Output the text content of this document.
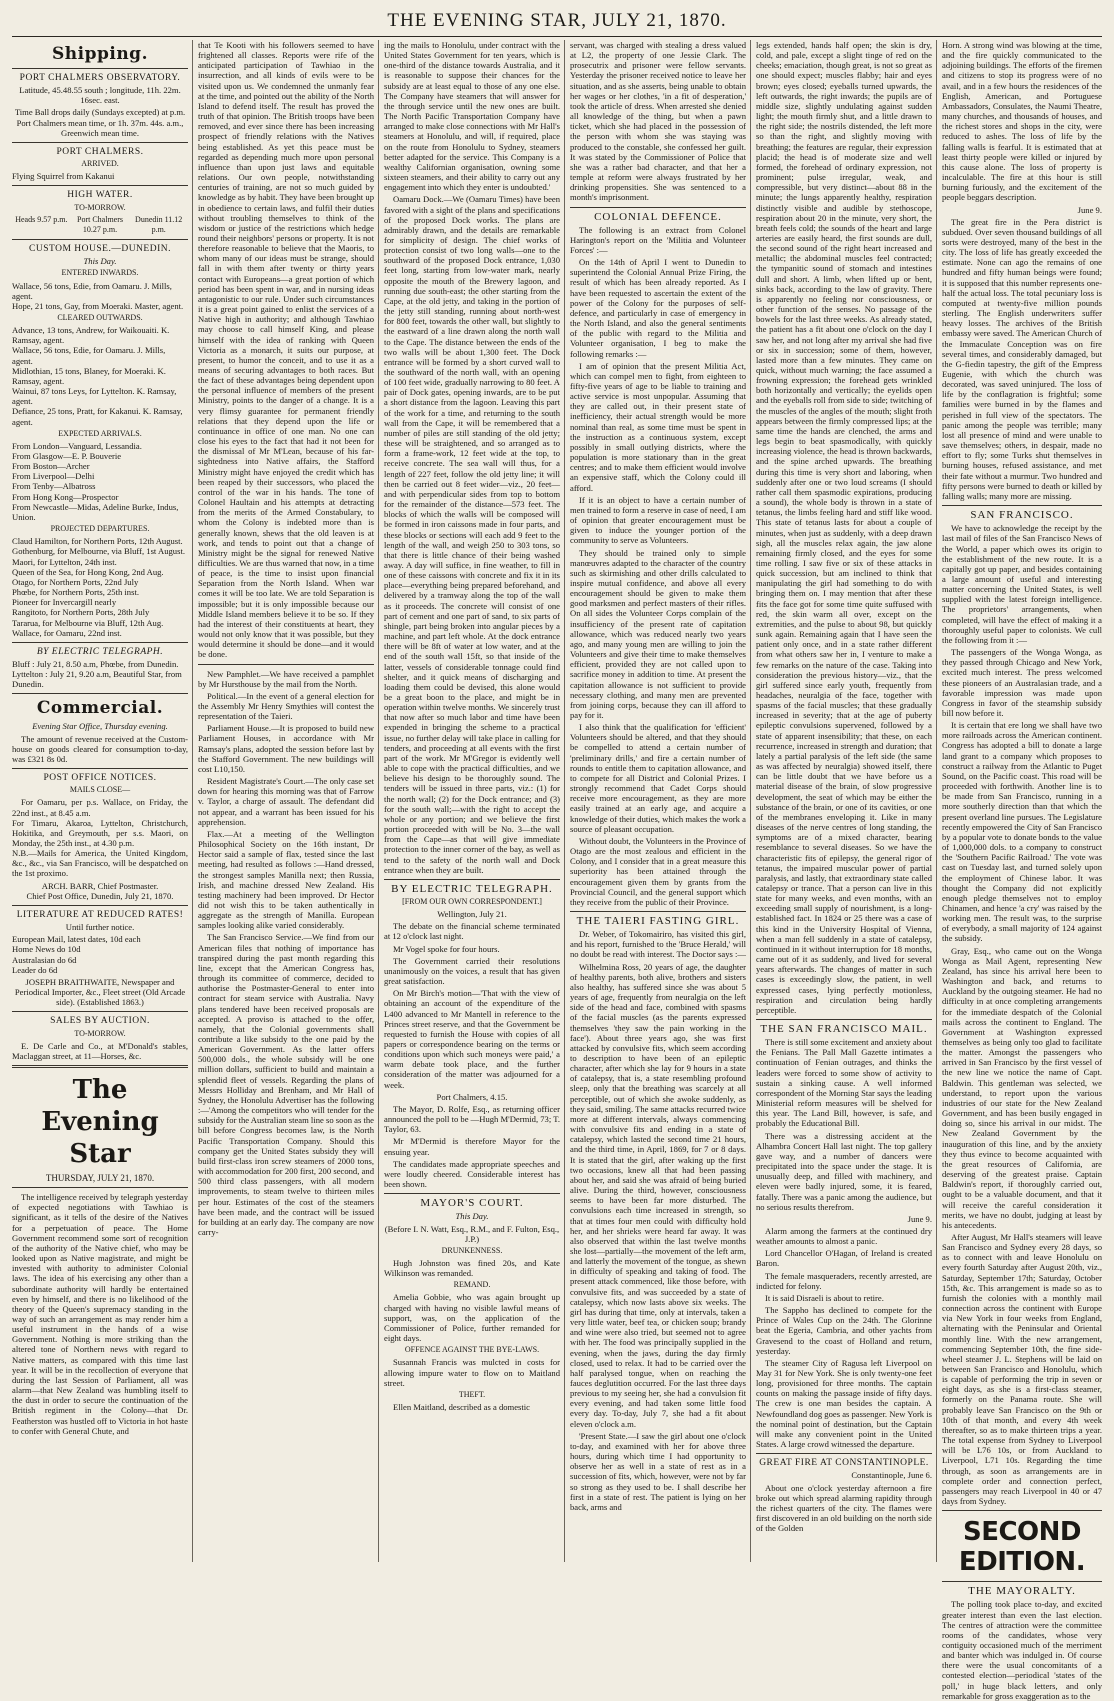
THE EVENING STAR, JULY 21, 1870.
Shipping.
PORT CHALMERS OBSERVATORY.

Latitude, 45.48.55 south ; longitude, 11h. 22m. 16sec. east.

Time Ball drops daily (Sundays excepted) at p.m. Port Chalmers mean time, or 1h. 37m. 44s. a.m., Greenwich mean time.

PORT CHALMERS.

ARRIVED.

Flying Squirrel from Kakanui

HIGH WATER.

TO-MORROW.

Heads 9.57 p.m.	Port Chalmers 10.27 p.m.
Dunedin 11.12 p.m.
CUSTOM HOUSE.—DUNEDIN.

This Day.

ENTERED INWARDS.

Wallace, 56 tons, Edie, from Oamaru. J. Mills, agent.
Hope, 21 tons, Gay, from Moeraki. Master, agent.

CLEARED OUTWARDS.

Advance, 13 tons, Andrew, for Waikouaiti. K. Ramsay, agent.
Wallace, 56 tons, Edie, for Oamaru. J. Mills, agent.
Midlothian, 15 tons, Blaney, for Moeraki. K. Ramsay, agent.
Wainui, 87 tons Leys, for Lyttelton. K. Ramsay, agent.
Defiance, 25 tons, Pratt, for Kakanui. K. Ramsay, agent.

EXPECTED ARRIVALS.

From London—Vanguard, Lessandia.
From Glasgow—E. P. Bouverie
From Boston—Archer
From Liverpool—Delhi
From Tenby—Albatross
From Hong Kong—Prospector
From Newcastle—Midas, Adeline Burke, Indus, Union.

PROJECTED DEPARTURES.

Claud Hamilton, for Northern Ports, 12th August.
Gothenburg, for Melbourne, via Bluff, 1st August.
Maori, for Lyttelton, 24th inst.
Queen of the Sea, for Hong Kong, 2nd Aug.
Otago, for Northern Ports, 22nd July
Phœbe, for Northern Ports, 25th inst.
Pioneer for Invercargill nearly
Rangitoto, for Northern Ports, 28th July
Tararua, for Melbourne via Bluff, 12th Aug.
Wallace, for Oamaru, 22nd inst.

BY ELECTRIC TELEGRAPH.

Bluff : July 21, 8.50 a.m, Phœbe, from Dunedin.
Lyttelton : July 21, 9.20 a.m, Beautiful Star, from Dunedin.

Commercial.

Evening Star Office, Thursday evening.

The amount of revenue received at the Custom-house on goods cleared for consumption to-day, was £321 8s 0d.

POST OFFICE NOTICES.

MAILS CLOSE—

For Oamaru, per p.s. Wallace, on Friday, the 22nd inst., at 8.45 a.m.
For Timaru, Akaroa, Lyttelton, Christchurch, Hokitika, and Greymouth, per s.s. Maori, on Monday, the 25th inst., at 4.30 p.m.
N.B.—Mails for America, the United Kingdom, &c., &c., via San Francisco, will be despatched on the 1st proximo.

ARCH. BARR, Chief Postmaster.
Chief Post Office, Dunedin, July 21, 1870.

LITERATURE AT REDUCED RATES!

Until further notice.

European Mail, latest dates, 10d each
Home News do 10d
Australasian do 6d
Leader do 6d

JOSEPH BRAITHWAITE, Newspaper and Periodical Importer, &c., Fleet street (Old Arcade side). (Established 1863.)

SALES BY AUCTION.

TO-MORROW.

E. De Carle and Co., at M'Donald's stables, Maclaggan street, at 11—Horses, &c.

The Evening Star
THURSDAY, JULY 21, 1870.

The intelligence received by telegraph yesterday of expected negotiations with Tawhiao is significant, as it tells of the desire of the Natives for a perpetuation of peace. The Home Government recommend some sort of recognition of the authority of the Native chief, who may be looked upon as Native magistrate, and might be invested with authority to administer Colonial laws. The idea of his exercising any other than a subordinate authority will hardly be entertained even by himself, and there is no likelihood of the theory of the Queen's supremacy standing in the way of such an arrangement as may render him a useful instrument in the hands of a wise Government. Nothing is more striking than the altered tone of Northern news with regard to Native matters, as compared with this time last year. It will be in the recollection of everyone that during the last Session of Parliament, all was alarm—that New Zealand was humbling itself to the dust in order to secure the continuation of the British regiment in the Colony—that Dr. Featherston was hustled off to Victoria in hot haste to confer with General Chute, and

that Te Kooti with his followers seemed to have frightened all classes. Reports were rife of the anticipated participation of Tawhiao in the insurrection, and all kinds of evils were to be visited upon us. We condemned the unmanly fear at the time, and pointed out the ability of the North Island to defend itself. The result has proved the truth of that opinion. The British troops have been removed, and ever since there has been increasing prospect of friendly relations with the Natives being established. As yet this peace must be regarded as depending much more upon personal influence than upon just laws and equitable relations. Our own people, notwithstanding centuries of training, are not so much guided by knowledge as by habit. They have been brought up in obedience to certain laws, and fulfil their duties without troubling themselves to think of the wisdom or justice of the restrictions which hedge round their neighbors' persons or property. It is not therefore reasonable to believe that the Maoris, to whom many of our ideas must be strange, should fall in with them after twenty or thirty years contact with Europeans—a great portion of which period has been spent in war, and in nursing ideas antagonistic to our rule. Under such circumstances it is a great point gained to enlist the services of a Native high in authority; and although Tawhiao may choose to call himself King, and please himself with the idea of ranking with Queen Victoria as a monarch, it suits our purpose, at present, to humor the conceit, and to use it as a means of securing advantages to both races. But the fact of these advantages being dependent upon the personal influence of members of the present Ministry, points to the danger of a change. It is a very flimsy guarantee for permanent friendly relations that they depend upon the life or continuance in office of one man. No one can close his eyes to the fact that had it not been for the dismissal of Mr M'Lean, because of his far-sightedness into Native affairs, the Stafford Ministry might have enjoyed the credit which has been reaped by their successors, who placed the control of the war in his hands. The tone of Colonel Haultain and his attempts at detracting from the merits of the Armed Constabulary, to whom the Colony is indebted more than is generally known, shews that the old leaven is at work, and tends to point out that a change of Ministry might be the signal for renewed Native difficulties. We are thus warned that now, in a time of peace, is the time to insist upon financial Separation from the North Island. When war comes it will be too late. We are told Separation is impossible; but it is only impossible because our Middle Island members believe it to be so. If they had the interest of their constituents at heart, they would not only know that it was possible, but they would determine it should be done—and it would be done.

New Pamphlet.—We have received a pamphlet by Mr Hursthouse by the mail from the North.

Political.—In the event of a general election for the Assembly Mr Henry Smythies will contest the representation of the Taieri.

Parliament House.—It is proposed to build new Parliament Houses, in accordance with Mr Ramsay's plans, adopted the session before last by the Stafford Government. The new buildings will cost L10,150.

Resident Magistrate's Court.—The only case set down for hearing this morning was that of Farrow v. Taylor, a charge of assault. The defendant did not appear, and a warrant has been issued for his apprehension.

Flax.—At a meeting of the Wellington Philosophical Society on the 16th instant, Dr Hector said a sample of flax, tested since the last meeting, had resulted as follows :—Hand dressed, the strongest samples Manilla next; then Russia, Irish, and machine dressed New Zealand. His testing machinery had been improved. Dr Hector did not wish this to be taken authentically in aggregate as the strength of Manilla. European samples looking alike varied considerably.

The San Francisco Service.—We find from our American files that nothing of importance has transpired during the past month regarding this line, except that the American Congress has, through its committee of commerce, decided to authorise the Postmaster-General to enter into contract for steam service with Australia. Navy plans tendered have been received proposals are accepted. A proviso is attached to the offer, namely, that the Colonial governments shall contribute a like subsidy to the one paid by the American Government. As the latter offers 500,000 dols., the whole subsidy will be one million dollars, sufficient to build and maintain a splendid fleet of vessels. Regarding the plans of Messrs Holliday and Brenham, and Mr Hall of Sydney, the Honolulu Advertiser has the following :—'Among the competitors who will tender for the subsidy for the Australian steam line so soon as the bill before Congress becomes law, is the North Pacific Transportation Company. Should this company get the United States subsidy they will build first-class iron screw steamers of 2000 tons, with accommodation for 200 first, 200 second, and 500 third class passengers, with all modern improvements, to steam twelve to thirteen miles per hour. Estimates of the cost of the steamers have been made, and the contract will be issued for building at an early day. The company are now carry-

ing the mails to Honolulu, under contract with the United States Government for ten years, which is one-third of the distance towards Australia, and it is reasonable to suppose their chances for the subsidy are at least equal to those of any one else. The Company have steamers that will answer for the through service until the new ones are built. The North Pacific Transportation Company have arranged to make close connections with Mr Hall's steamers at Honolulu, and will, if required, place on the route from Honolulu to Sydney, steamers better adapted for the service. This Company is a wealthy Californian organisation, owning some sixteen steamers, and their ability to carry out any engagement into which they enter is undoubted.'

Oamaru Dock.—We (Oamaru Times) have been favored with a sight of the plans and specifications of the proposed Dock works. The plans are admirably drawn, and the details are remarkable for simplicity of design. The chief works of protection consist of two long walls—one to the southward of the proposed Dock entrance, 1,030 feet long, starting from low-water mark, nearly opposite the mouth of the Brewery lagoon, and running due south-east; the other starting from the Cape, at the old jetty, and taking in the portion of the jetty still standing, running about north-west for 800 feet, towards the other wall, but slightly to the eastward of a line drawn along the north wall to the Cape. The distance between the ends of the two walls will be about 1,300 feet. The Dock entrance will be formed by a short curved wall to the southward of the north wall, with an opening of 100 feet wide, gradually narrowing to 80 feet. A pair of Dock gates, opening inwards, are to be put a short distance from the lagoon. Leaving this part of the work for a time, and returning to the south wall from the Cape, it will be remembered that a number of piles are still standing of the old jetty; these will be straightened, and so arranged as to form a frame-work, 12 feet wide at the top, to receive concrete. The sea wall will thus, for a length of 227 feet, follow the old jetty line; it will then be carried out 8 feet wider—viz., 20 feet—and with perpendicular sides from top to bottom for the remainder of the distance—573 feet. The blocks of which the walls will be composed will be formed in iron caissons made in four parts, and these blocks or sections will each add 9 feet to the length of the wall, and weigh 250 to 303 tons, so that there is little chance of their being washed away. A day will suffice, in fine weather, to fill in one of these caissons with concrete and fix it in its place—everything being prepared beforehand, and delivered by a tramway along the top of the wall as it proceeds. The concrete will consist of one part of cement and one part of sand, to six parts of shingle, part being broken into angular pieces by a machine, and part left whole. At the dock entrance there will be 8ft of water at low water, and at the end of the south wall 15ft, so that inside of the latter, vessels of considerable tonnage could find shelter, and it quick means of discharging and loading them could be devised, this alone would be a great boon to the place, and might be in operation within twelve months. We sincerely trust that now after so much labor and time have been expended in bringing the scheme to a practical issue, no further delay will take place in calling for tenders, and proceeding at all events with the first part of the work. Mr M'Gregor is evidently well able to cope with the practical difficulties, and we believe his design to be thoroughly sound. The tenders will be issued in three parts, viz.: (1) for the north wall; (2) for the Dock entrance; and (3) for the south wall;—with the right to accept the whole or any portion; and we believe the first portion proceeded with will be No. 3—the wall from the Cape—as that will give immediate protection to the inner corner of the bay, as well as tend to the safety of the north wall and Dock entrance when they are built.

BY ELECTRIC TELEGRAPH.

[FROM OUR OWN CORRESPONDENT.]

Wellington, July 21.

The debate on the financial scheme terminated at 12 o'clock last night.

Mr Vogel spoke for four hours.

The Government carried their resolutions unanimously on the voices, a result that has given great satisfaction.

On Mr Birch's motion—'That with the view of obtaining an account of the expenditure of the L400 advanced to Mr Mantell in reference to the Princes street reserve, and that the Government be requested to furnish the House with copies of all papers or correspondence bearing on the terms or conditions upon which such moneys were paid,' a warm debate took place, and the further consideration of the matter was adjourned for a week.

Port Chalmers, 4.15.

The Mayor, D. Rolfe, Esq., as returning officer announced the poll to be —Hugh M'Dermid, 73; T. Taylor, 63.

Mr M'Dermid is therefore Mayor for the ensuing year.

The candidates made appropriate speeches and were loudly cheered. Considerable interest has been shown.

MAYOR'S COURT.

This Day.

(Before I. N. Watt, Esq., R.M., and F. Fulton, Esq., J.P.)

DRUNKENNESS.

Hugh Johnston was fined 20s, and Kate Wilkinson was remanded.

REMAND.

Amelia Gobbie, who was again brought up charged with having no visible lawful means of support, was, on the application of the Commissioner of Police, further remanded for eight days.

OFFENCE AGAINST THE BYE-LAWS.

Susannah Francis was mulcted in costs for allowing impure water to flow on to Maitland street.

THEFT.

Ellen Maitland, described as a domestic

servant, was charged with stealing a dress valued at L2, the property of one Jessie Clark. The prosecutrix and prisoner were fellow servants. Yesterday the prisoner received notice to leave her situation, and as she asserts, being unable to obtain her wages or her clothes, 'in a fit of desperation,' took the article of dress. When arrested she denied all knowledge of the thing, but when a pawn ticket, which she had placed in the possession of the person with whom she was staying was produced to the constable, she confessed her guilt. It was stated by the Commissioner of Police that she was a rather bad character, and that her a temple at reform were always frustrated by her drinking propensities. She was sentenced to a month's imprisonment.

COLONIAL DEFENCE.

The following is an extract from Colonel Harington's report on the 'Militia and Volunteer Forces' :—

On the 14th of April I went to Dunedin to superintend the Colonial Annual Prize Firing, the result of which has been already reported. As I have been requested to ascertain the extent of the power of the Colony for the purposes of self-defence, and particularly in case of emergency in the North Island, and also the general sentiments of the public with regard to the Militia and Volunteer organisation, I beg to make the following remarks :—

I am of opinion that the present Militia Act, which can compel men to fight, from eighteen to fifty-five years of age to be liable to training and active service is most unpopular. Assuming that they are called out, in their present state of inefficiency, their actual strength would be more nominal than real, as some time must be spent in the instruction as a continuous system, except possibly in small outlying districts, where the population is more stationary than in the great centres; and to make them efficient would involve an expensive staff, which the Colony could ill afford.

If it is an object to have a certain number of men trained to form a reserve in case of need, I am of opinion that greater encouragement must be given to induce the younger portion of the community to serve as Volunteers.

They should be trained only to simple manœuvres adapted to the character of the country such as skirmishing and other drills calculated to inspire mutual confidence, and above all every encouragement should be given to make them good marksmen and perfect masters of their rifles. On all sides the Volunteer Corps complain of the insufficiency of the present rate of capitation allowance, which was reduced nearly two years ago, and many young men are willing to join the Volunteers and give their time to make themselves efficient, provided they are not called upon to sacrifice money in addition to time. At present the capitation allowance is not sufficient to provide necessary clothing, and many men are prevented from joining corps, because they can ill afford to pay for it.

I also think that the qualification for 'efficient' Volunteers should be altered, and that they should be compelled to attend a certain number of 'preliminary drills,' and fire a certain number of rounds to entitle them to capitation allowance, and to compete for all District and Colonial Prizes. I strongly recommend that Cadet Corps should receive more encouragement, as they are more easily trained at an early age, and acquire a knowledge of their duties, which makes the work a source of pleasant occupation.

Without doubt, the Volunteers in the Province of Otago are the most zealous and efficient in the Colony, and I consider that in a great measure this superiority has been attained through the encouragement given them by grants from the Provincial Council, and the general support which they receive from the public of their Province.

THE TAIERI FASTING GIRL.

Dr. Weber, of Tokomairiro, has visited this girl, and his report, furnished to the 'Bruce Herald,' will no doubt be read with interest. The Doctor says :—

Wilhelmina Ross, 20 years of age, the daughter of healthy parents, both alive, brothers and sisters also healthy, has suffered since she was about 5 years of age, frequently from neuralgia on the left side of the head and face, combined with spasms of the facial muscles (as the parents expressed themselves 'they saw the pain working in the face'). About three years ago, she was first attacked by convulsive fits, which seem according to description to have been of an epileptic character, after which she lay for 9 hours in a state of catalepsy, that is, a state resembling profound sleep, only that the breathing was scarcely at all perceptible, out of which she awoke suddenly, as they said, smiling. The same attacks recurred twice more at different intervals, always commencing with convulsive fits and ending in a state of catalepsy, which lasted the second time 21 hours, and the third time, in April, 1869, for 7 or 8 days. It is stated that the girl, after waking up the first two occasions, knew all that had been passing about her, and said she was afraid of being buried alive. During the third, however, consciousness seems to have been far more disturbed. The convulsions each time increased in strength, so that at times four men could with difficulty hold her, and her shrieks were heard far away. It was also observed that within the last twelve months she lost—partially—the movement of the left arm, and latterly the movement of the tongue, as shewn in difficulty of speaking and taking of food. The present attack commenced, like those before, with convulsive fits, and was succeeded by a state of catalepsy, which now lasts above six weeks. The girl has during that time, only at intervals, taken a very little water, beef tea, or chicken soup; brandy and wine were also tried, but seemed not to agree with her. The food was principally supplied in the evening, when the jaws, during the day firmly closed, used to relax. It had to be carried over the half paralysed tongue, when on reaching the fauces deglutition occurred. For the last three days previous to my seeing her, she had a convulsion fit every evening, and had taken some little food every day. To-day, July 7, she had a fit about eleven o'clock a.m.

'Present State.—I saw the girl about one o'clock to-day, and examined with her for above three hours, during which time I had opportunity to observe her as well in a state of rest as in a succession of fits, which, however, were not by far so strong as they used to be. I shall describe her first in a state of rest. The patient is lying on her back, arms and

legs extended, hands half open; the skin is dry, cold, and pale, except a slight tinge of red on the cheeks; emaciation, though great, is not so great as one should expect; muscles flabby; hair and eyes brown; eyes closed; eyeballs turned upwards, the left outwards, the right inwards; the pupils are of middle size, slightly undulating against sudden light; the mouth firmly shut, and a little drawn to the right side; the nostrils distended, the left more so than the right, and slightly moving with breathing; the features are regular, their expression placid; the head is of moderate size and well formed, the forehead of ordinary expression, not prominent; pulse irregular, weak, and compressible, but very distinct—about 88 in the minute; the lungs apparently healthy, respiration distinctly visible and audible by stethoscope, respiration about 20 in the minute, very short, the breath feels cold; the sounds of the heart and large arteries are easily heard, the first sounds are dull, the second sound of the right heart increased and metallic; the abdominal muscles feel contracted; the tympanitic sound of stomach and intestines dull and short. A limb, when lifted up or bent, sinks back, according to the law of gravity. There is apparently no feeling nor consciousness, or other function of the senses. No passage of the bowels for the last three weeks. As already stated, the patient has a fit about one o'clock on the day I saw her, and not long after my arrival she had five or six in succession; some of them, however, lasted more than a few minutes. They came on quick, without much warning; the face assumed a frowning expression; the forehead gets wrinkled both horizontally and vertically; the eyelids open and the eyeballs roll from side to side; twitching of the muscles of the angles of the mouth; slight froth appears between the firmly compressed lips; at the same time the hands are clenched, the arms and legs begin to beat spasmodically, with quickly increasing violence, the head is thrown backwards, and the spine arched upwards. The breathing during this time is very short and laboring, when suddenly after one or two loud screams (I should rather call them spasmodic expirations, producing a sound), the whole body is thrown in a state of tetanus, the limbs feeling hard and stiff like wood. This state of tetanus lasts for about a couple of minutes, when just as suddenly, with a deep drawn sigh, all the muscles relax again, the jaw alone remaining firmly closed, and the eyes for some time rolling. I saw five or six of these attacks in quick succession, but am inclined to think that manipulating the girl had something to do with bringing them on. I may mention that after these fits the face got for some time quite suffused with red, the skin warm all over, except on the extremities, and the pulse to about 98, but quickly sunk again. Remaining again that I have seen the patient only once, and in a state rather different from what others saw her in, I venture to make a few remarks on the nature of the case. Taking into consideration the previous history—viz., that the girl suffered since early youth, frequently from headaches, neuralgia of the face, together with spasms of the facial muscles; that these gradually increased in severity; that at the age of puberty epileptic convulsions supervened, followed by a state of apparent insensibility; that these, on each recurrence, increased in strength and duration; that lately a partial paralysis of the left side (the same as was affected by neuralgia) showed itself, there can be little doubt that we have before us a material disease of the brain, of slow progressive development, the seat of which may be either the substance of the brain, or one of its cavities, or one of the membranes enveloping it. Like in many diseases of the nerve centres of long standing, the symptoms are of a mixed character, bearing resemblance to several diseases. So we have the characteristic fits of epilepsy, the general rigor of tetanus, the impaired muscular power of partial paralysis, and lastly, that extraordinary state called catalepsy or trance. That a person can live in this state for many weeks, and even months, with an exceeding small supply of nourishment, is a long-established fact. In 1824 or 25 there was a case of this kind in the University Hospital of Vienna, when a man fell suddenly in a state of catalepsy, continued in it without interruption for 18 months, came out of it as suddenly, and lived for several years afterwards. The changes of matter in such cases is exceedingly slow, the patient, in well expressed cases, lying perfectly motionless, respiration and circulation being hardly perceptible.

THE SAN FRANCISCO MAIL.

There is still some excitement and anxiety about the Fenians. The Pall Mall Gazette intimates a continuation of Fenian outrages, and thinks the leaders were forced to some show of activity to sustain a sinking cause. A well informed correspondent of the Morning Star says the leading Ministerial reform measures will be shelved for this year. The Land Bill, however, is safe, and probably the Educational Bill.

There was a distressing accident at the Alhambra Concert Hall last night. The top gallery gave way, and a number of dancers were precipitated into the space under the stage. It is unusually deep, and filled with machinery, and eleven were badly injured, some, it is feared, fatally. There was a panic among the audience, but no serious results therefrom.

June 9.

Alarm among the farmers at the continued dry weather amounts to almost a panic.

Lord Chancellor O'Hagan, of Ireland is created Baron.

The female masqueraders, recently arrested, are indicted for felony.

It is said Disraeli is about to retire.

The Sappho has declined to compete for the Prince of Wales Cup on the 24th. The Glorinne beat the Egeria, Cambria, and other yachts from Gravesend to the coast of Holland and return, yesterday.

The steamer City of Ragusa left Liverpool on May 31 for New York. She is only twenty-one feet long, provisioned for three months. The captain counts on making the passage inside of fifty days. The crew is one man besides the captain. A Newfoundland dog goes as passenger. New York is the nominal point of destination, but the Captain will make any convenient point in the United States. A large crowd witnessed the departure.

GREAT FIRE AT CONSTANTINOPLE.

Constantinople, June 6.

About one o'clock yesterday afternoon a fire broke out which spread alarming rapidity through the richest quarters of the city. The flames were first discovered in an old building on the north side of the Golden

Horn. A strong wind was blowing at the time, and the fire quickly communicated to the adjoining buildings. The efforts of the firemen and citizens to stop its progress were of no avail, and in a few hours the residences of the English, American, and Portuguese Ambassadors, Consulates, the Naumi Theatre, many churches, and thousands of houses, and the richest stores and shops in the city, were reduced to ashes. The loss of life by the falling walls is fearful. It is estimated that at least thirty people were killed or injured by this cause alone. The loss of property is incalculable. The fire at this hour is still burning furiously, and the excitement of the people beggars description.

June 9.

The great fire in the Pera district is subdued. Over seven thousand buildings of all sorts were destroyed, many of the best in the city. The loss of life has greatly exceeded the estimate. None can ago the remains of one hundred and fifty human beings were found; it is supposed that this number represents one-half the actual loss. The total pecuniary loss is computed at twenty-five million pounds sterling. The English underwriters suffer heavy losses. The archives of the British embassy were saved. The American Church of the Immaculate Conception was on fire several times, and considerably damaged, but the G-fiedin tapestry, the gift of the Empress Eugenie, with which the church was decorated, was saved uninjured. The loss of life by the conflagration is frightful; some families were burned in by the flames and perished in full view of the spectators. The panic among the people was terrible; many lost all presence of mind and were unable to save themselves; others, in despair, made no effort to fly; some Turks shut themselves in burning houses, refused assistance, and met their fate without a murmur. Two hundred and fifty persons were burned to death or killed by falling walls; many more are missing.

SAN FRANCISCO.

We have to acknowledge the receipt by the last mail of files of the San Francisco News of the World, a paper which owes its origin to the establishment of the new route. It is a capitally got up paper, and besides containing a large amount of useful and interesting matter concerning the United States, is well supplied with the latest foreign intelligence. The proprietors' arrangements, when completed, will have the effect of making it a thoroughly useful paper to colonists. We cull the following from it :—

The passengers of the Wonga Wonga, as they passed through Chicago and New York, excited much interest. The press welcomed these pioneers of an Australasian trade, and a favorable impression was made upon Congress in favor of the steamship subsidy bill now before it.

It is certain that ere long we shall have two more railroads across the American continent. Congress has adopted a bill to donate a large land grant to a company which proposes to construct a railway from the Atlantic to Puget Sound, on the Pacific coast. This road will be proceeded with forthwith. Another line is to be made from San Francisco, running in a more southerly direction than that which the present overland line pursues. The Legislature recently empowered the City of San Francisco by a popular vote to donate bonds to the value of 1,000,000 dols. to a company to construct the 'Southern Pacific Railroad.' The vote was cast on Tuesday last, and turned solely upon the employment of Chinese labor. It was thought the Company did not explicitly enough pledge themselves not to employ Chinamen, and hence 'a cry' was raised by the working men. The result was, to the surprise of everybody, a small majority of 124 against the subsidy.

Gray, Esq., who came out on the Wonga Wonga as Mail Agent, representing New Zealand, has since his arrival here been to Washington and back, and returns to Auckland by the outgoing steamer. He had no difficulty in at once completing arrangements for the immediate despatch of the Colonial mails across the continent to England. The Government at Washington expressed themselves as being only too glad to facilitate the matter. Amongst the passengers who arrived in San Francisco by the first vessel of the new line we notice the name of Capt. Baldwin. This gentleman was selected, we understand, to report upon the various industries of our state for the New Zealand Government, and has been busily engaged in doing so, since his arrival in our midst. The New Zealand Government by the inauguration of this line, and by the anxiety they thus evince to become acquainted with the great resources of California, are deserving of the greatest praise. Captain Baldwin's report, if thoroughly carried out, ought to be a valuable document, and that it will receive the careful consideration it merits, we have no doubt, judging at least by his antecedents.

After August, Mr Hall's steamers will leave San Francisco and Sydney every 28 days, so as to connect with and leave Honolulu on every fourth Saturday after August 20th, viz., Saturday, September 17th; Saturday, October 15th, &c. This arrangement is made so as to furnish the colonies with a monthly mail connection across the continent with Europe via New York in four weeks from England, alternating with the Peninsular and Oriental monthly line. With the new arrangement, commencing September 10th, the fine side-wheel steamer J. L. Stephens will be laid on between San Francisco and Honolulu, which is capable of performing the trip in seven or eight days, as she is a first-class steamer, formerly on the Panama route. She will probably leave San Francisco on the 9th or 10th of that month, and every 4th week thereafter, so as to make thirteen trips a year. The total expense from Sydney to Liverpool will be L76 10s, or from Auckland to Liverpool, L71 10s. Regarding the time through, as soon as arrangements are in complete order and connection perfect, passengers may reach Liverpool in 40 or 47 days from Sydney.

SECOND EDITION.
THE MAYORALTY.

The polling took place to-day, and excited greater interest than even the last election. The centres of attraction were the committee rooms of the candidates, whose very contiguity occasioned much of the merriment and banter which was indulged in. Of course there were the usual concomitants of a contested election—periodical 'states of the poll,' in huge black letters, and only remarkable for gross exaggeration as to the
